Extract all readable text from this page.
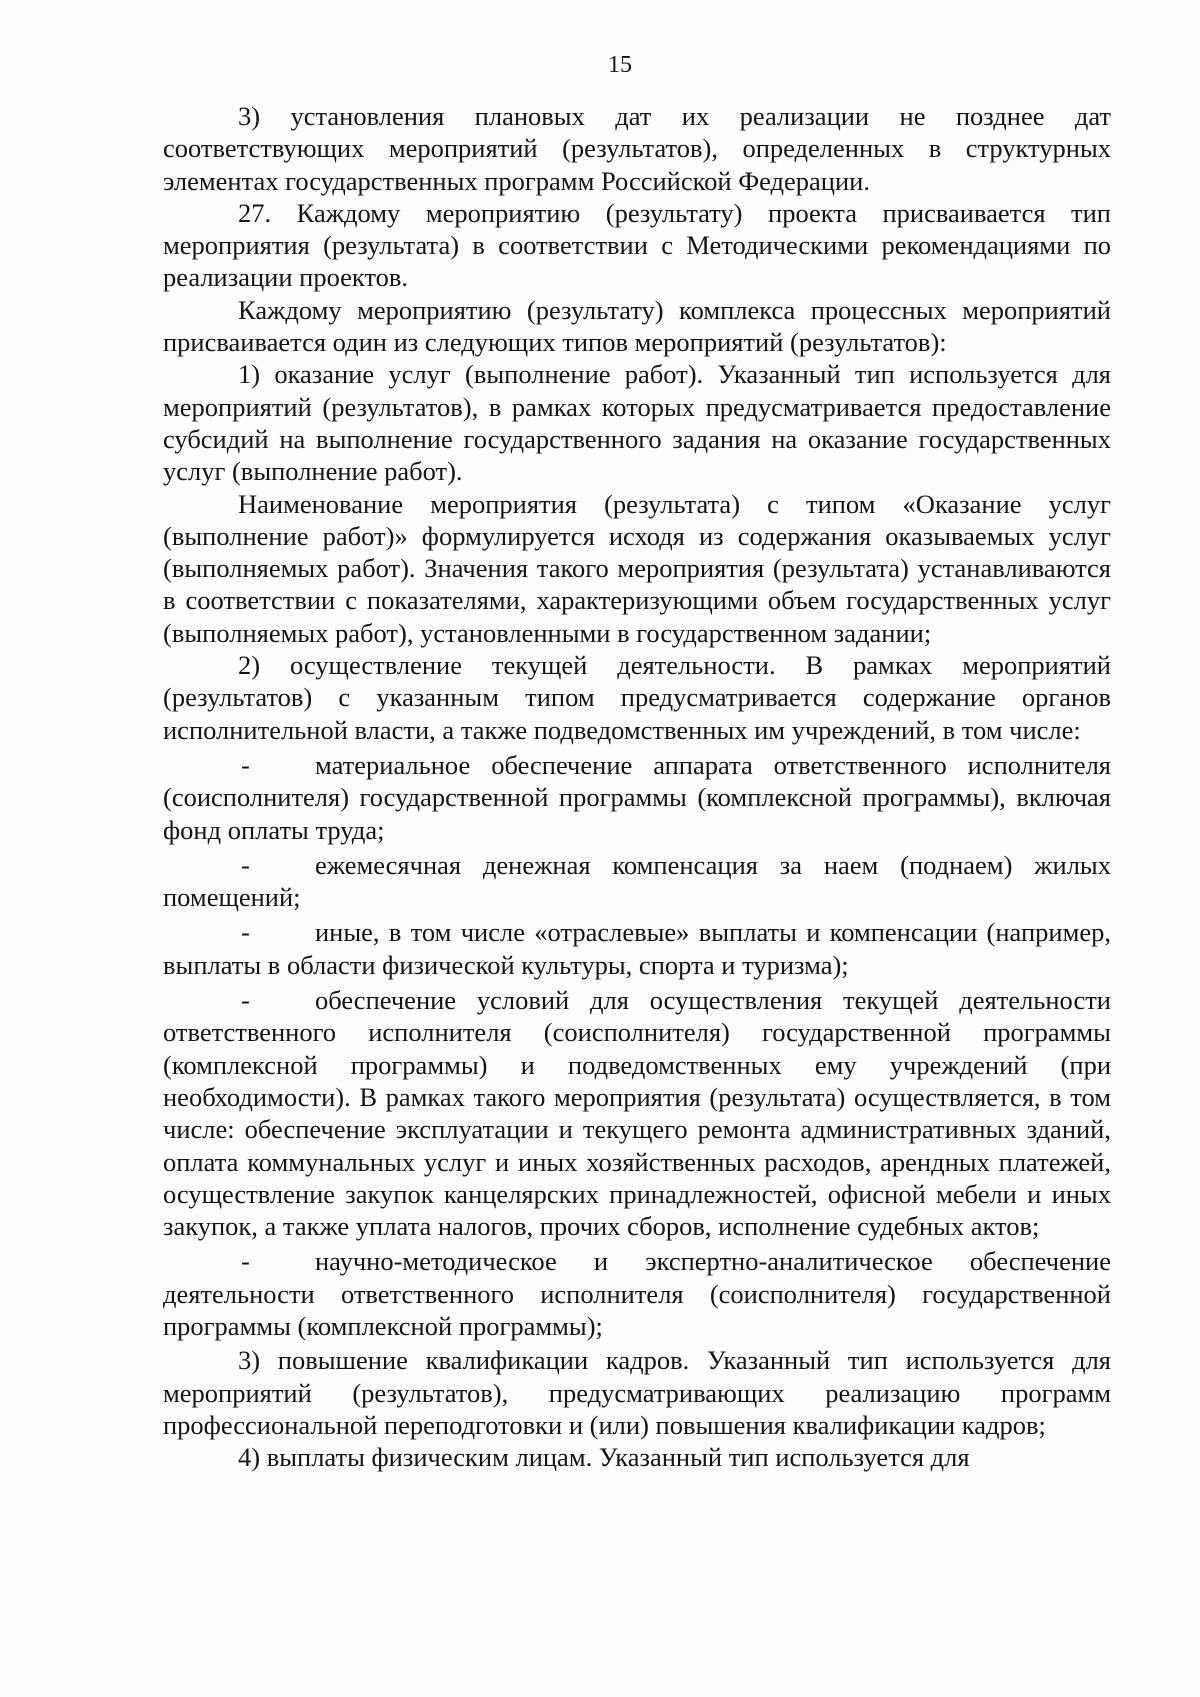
15

3) установления плановых дат их реализации не позднее дат соответствующих мероприятий (результатов), определенных в структурных элементах государственных программ Российской Федерации.

27. Каждому мероприятию (результату) проекта присваивается тип мероприятия (результата) в соответствии с Методическими рекомендациями по реализации проектов.

Каждому мероприятию (результату) комплекса процессных мероприятий присваивается один из следующих типов мероприятий (результатов):

1) оказание услуг (выполнение работ). Указанный тип используется для мероприятий (результатов), в рамках которых предусматривается предоставление субсидий на выполнение государственного задания на оказание государственных услуг (выполнение работ).

Наименование мероприятия (результата) с типом «Оказание услуг (выполнение работ)» формулируется исходя из содержания оказываемых услуг (выполняемых работ). Значения такого мероприятия (результата) устанавливаются в соответствии с показателями, характеризующими объем государственных услуг (выполняемых работ), установленными в государственном задании;

2) осуществление текущей деятельности. В рамках мероприятий (результатов) с указанным типом предусматривается содержание органов исполнительной власти, а также подведомственных им учреждений, в том числе:

- материальное обеспечение аппарата ответственного исполнителя (соисполнителя) государственной программы (комплексной программы), включая фонд оплаты труда;

- ежемесячная денежная компенсация за наем (поднаем) жилых помещений;

- иные, в том числе «отраслевые» выплаты и компенсации (например, выплаты в области физической культуры, спорта и туризма);

- обеспечение условий для осуществления текущей деятельности ответственного исполнителя (соисполнителя) государственной программы (комплексной программы) и подведомственных ему учреждений (при необходимости). В рамках такого мероприятия (результата) осуществляется, в том числе: обеспечение эксплуатации и текущего ремонта административных зданий, оплата коммунальных услуг и иных хозяйственных расходов, арендных платежей, осуществление закупок канцелярских принадлежностей, офисной мебели и иных закупок, а также уплата налогов, прочих сборов, исполнение судебных актов;

- научно-методическое и экспертно-аналитическое обеспечение деятельности ответственного исполнителя (соисполнителя) государственной программы (комплексной программы);

3) повышение квалификации кадров. Указанный тип используется для мероприятий (результатов), предусматривающих реализацию программ профессиональной переподготовки и (или) повышения квалификации кадров;

4) выплаты физическим лицам. Указанный тип используется для
